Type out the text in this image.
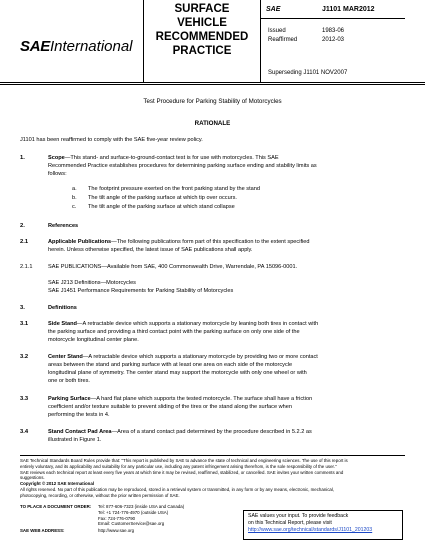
SAEInternational
SURFACE
VEHICLE
RECOMMENDED
PRACTICE
SAE	J1101 MAR2012
Issued	1983-06
Reaffirmed	2012-03
Superseding J1101 NOV2007
Test Procedure for Parking Stability of Motorcycles
RATIONALE
J1101 has been reaffirmed to comply with the SAE five-year review policy.
1.	Scope—This stand- and surface-to-ground-contact test is for use with motorcycles. This SAE
Recommended Practice establishes procedures for determining parking surface ending and stability limits as
follows:
a. The footprint pressure exerted on the front parking stand by the stand
b. The tilt angle of the parking surface at which tip over occurs.
c. The tilt angle of the parking surface at which stand collapse
2.	References
2.1	Applicable Publications—The following publications form part of this specification to the extent specified
herein. Unless otherwise specified, the latest issue of SAE publications shall apply.
2.1.1	SAE PUBLICATIONS—Available from SAE, 400 Commonwealth Drive, Warrendale, PA 15096-0001.
SAE J213 Definitions—Motorcycles
SAE J1451 Performance Requirements for Parking Stability of Motorcycles
3.	Definitions
3.1	Side Stand—A retractable device which supports a stationary motorcycle by leaning both tires in contact with
the parking surface and providing a third contact point with the parking surface on only one side of the
motorcycle longitudinal center plane.
3.2	Center Stand—A retractable device which supports a stationary motorcycle by providing two or more contact
areas between the stand and parking surface with at least one area on each side of the motorcycle
longitudinal plane of symmetry. The center stand may support the motorcycle with only one wheel or with
one or both tires.
3.3	Parking Surface—A hard flat plane which supports the tested motorcycle. The surface shall have a friction
coefficient and/or texture suitable to prevent sliding of the tires or the stand along the surface when
performing the tests in 4.
3.4	Stand Contact Pad Area—Area of a stand contact pad determined by the procedure described in 5.2.2 as
illustrated in Figure 1.
SAE Technical Standards Board Rules provide that: "This report is published by SAE to advance the state of technical and engineering sciences. The use of this report is
entirely voluntary, and its applicability and suitability for any particular use, including any patent infringement arising therefrom, is the sole responsibility of the user."
SAE reviews each technical report at least every five years at which time it may be revised, reaffirmed, stabilized, or cancelled. SAE invites your written comments and
suggestions.
Copyright © 2012 SAE International
All rights reserved. No part of this publication may be reproduced, stored in a retrieval system or transmitted, in any form or by any means, electronic, mechanical,
photocopying, recording, or otherwise, without the prior written permission of SAE.
TO PLACE A DOCUMENT ORDER:	Tel: 877-606-7323 (inside USA and Canada)
Tel: +1 724-776-4970 (outside USA)
Fax: 724-776-0790
Email: CustomerService@sae.org
SAE WEB ADDRESS:	http://www.sae.org
SAE values your input. To provide feedback
on this Technical Report, please visit
http://www.sae.org/technical/standards/J1101_201203
